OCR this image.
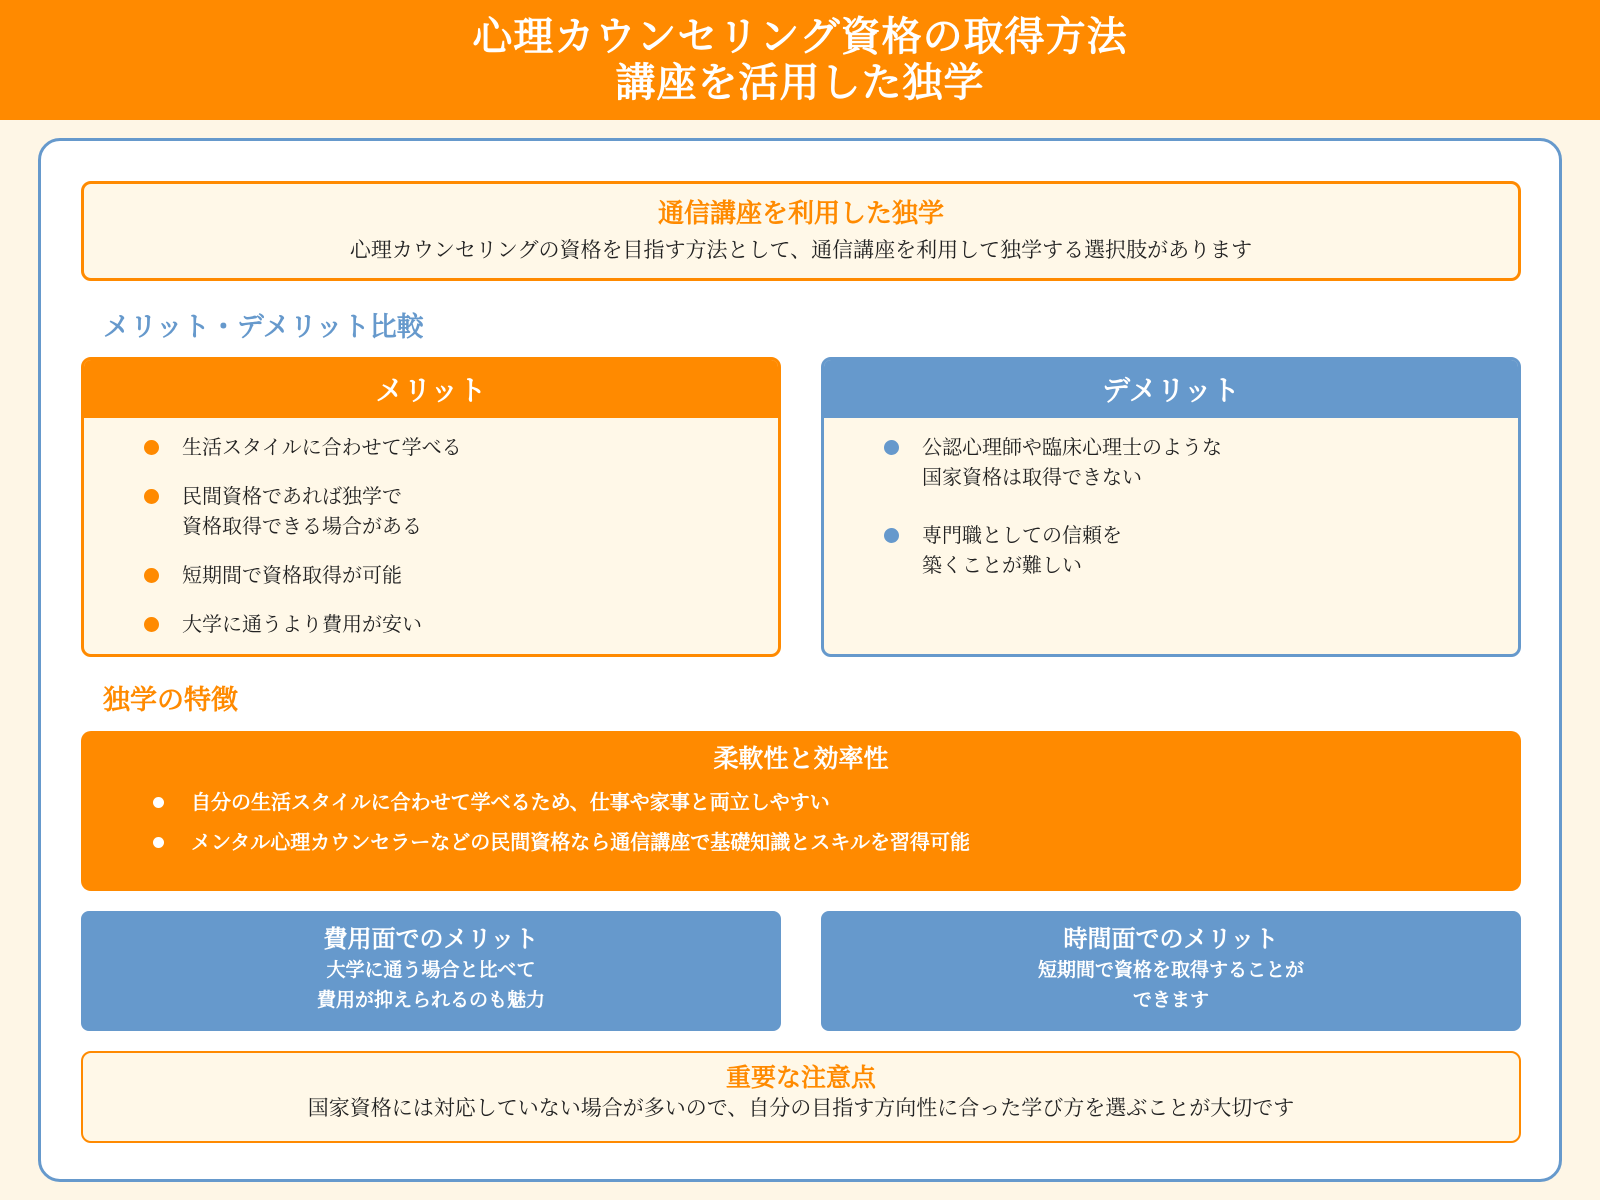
心理カウンセリング資格の取得方法
講座を活用した独学
通信講座を利用した独学
心理カウンセリングの資格を目指す方法として、通信講座を利用して独学する選択肢があります
メリット・デメリット比較
メリット
生活スタイルに合わせて学べる
民間資格であれば独学で
資格取得できる場合がある
短期間で資格取得が可能
大学に通うより費用が安い
デメリット
公認心理師や臨床心理士のような
国家資格は取得できない
専門職としての信頼を
築くことが難しい
独学の特徴
柔軟性と効率性
自分の生活スタイルに合わせて学べるため、仕事や家事と両立しやすい
メンタル心理カウンセラーなどの民間資格なら通信講座で基礎知識とスキルを習得可能
費用面でのメリット
大学に通う場合と比べて
費用が抑えられるのも魅力
時間面でのメリット
短期間で資格を取得することが
できます
重要な注意点
国家資格には対応していない場合が多いので、自分の目指す方向性に合った学び方を選ぶことが大切です
